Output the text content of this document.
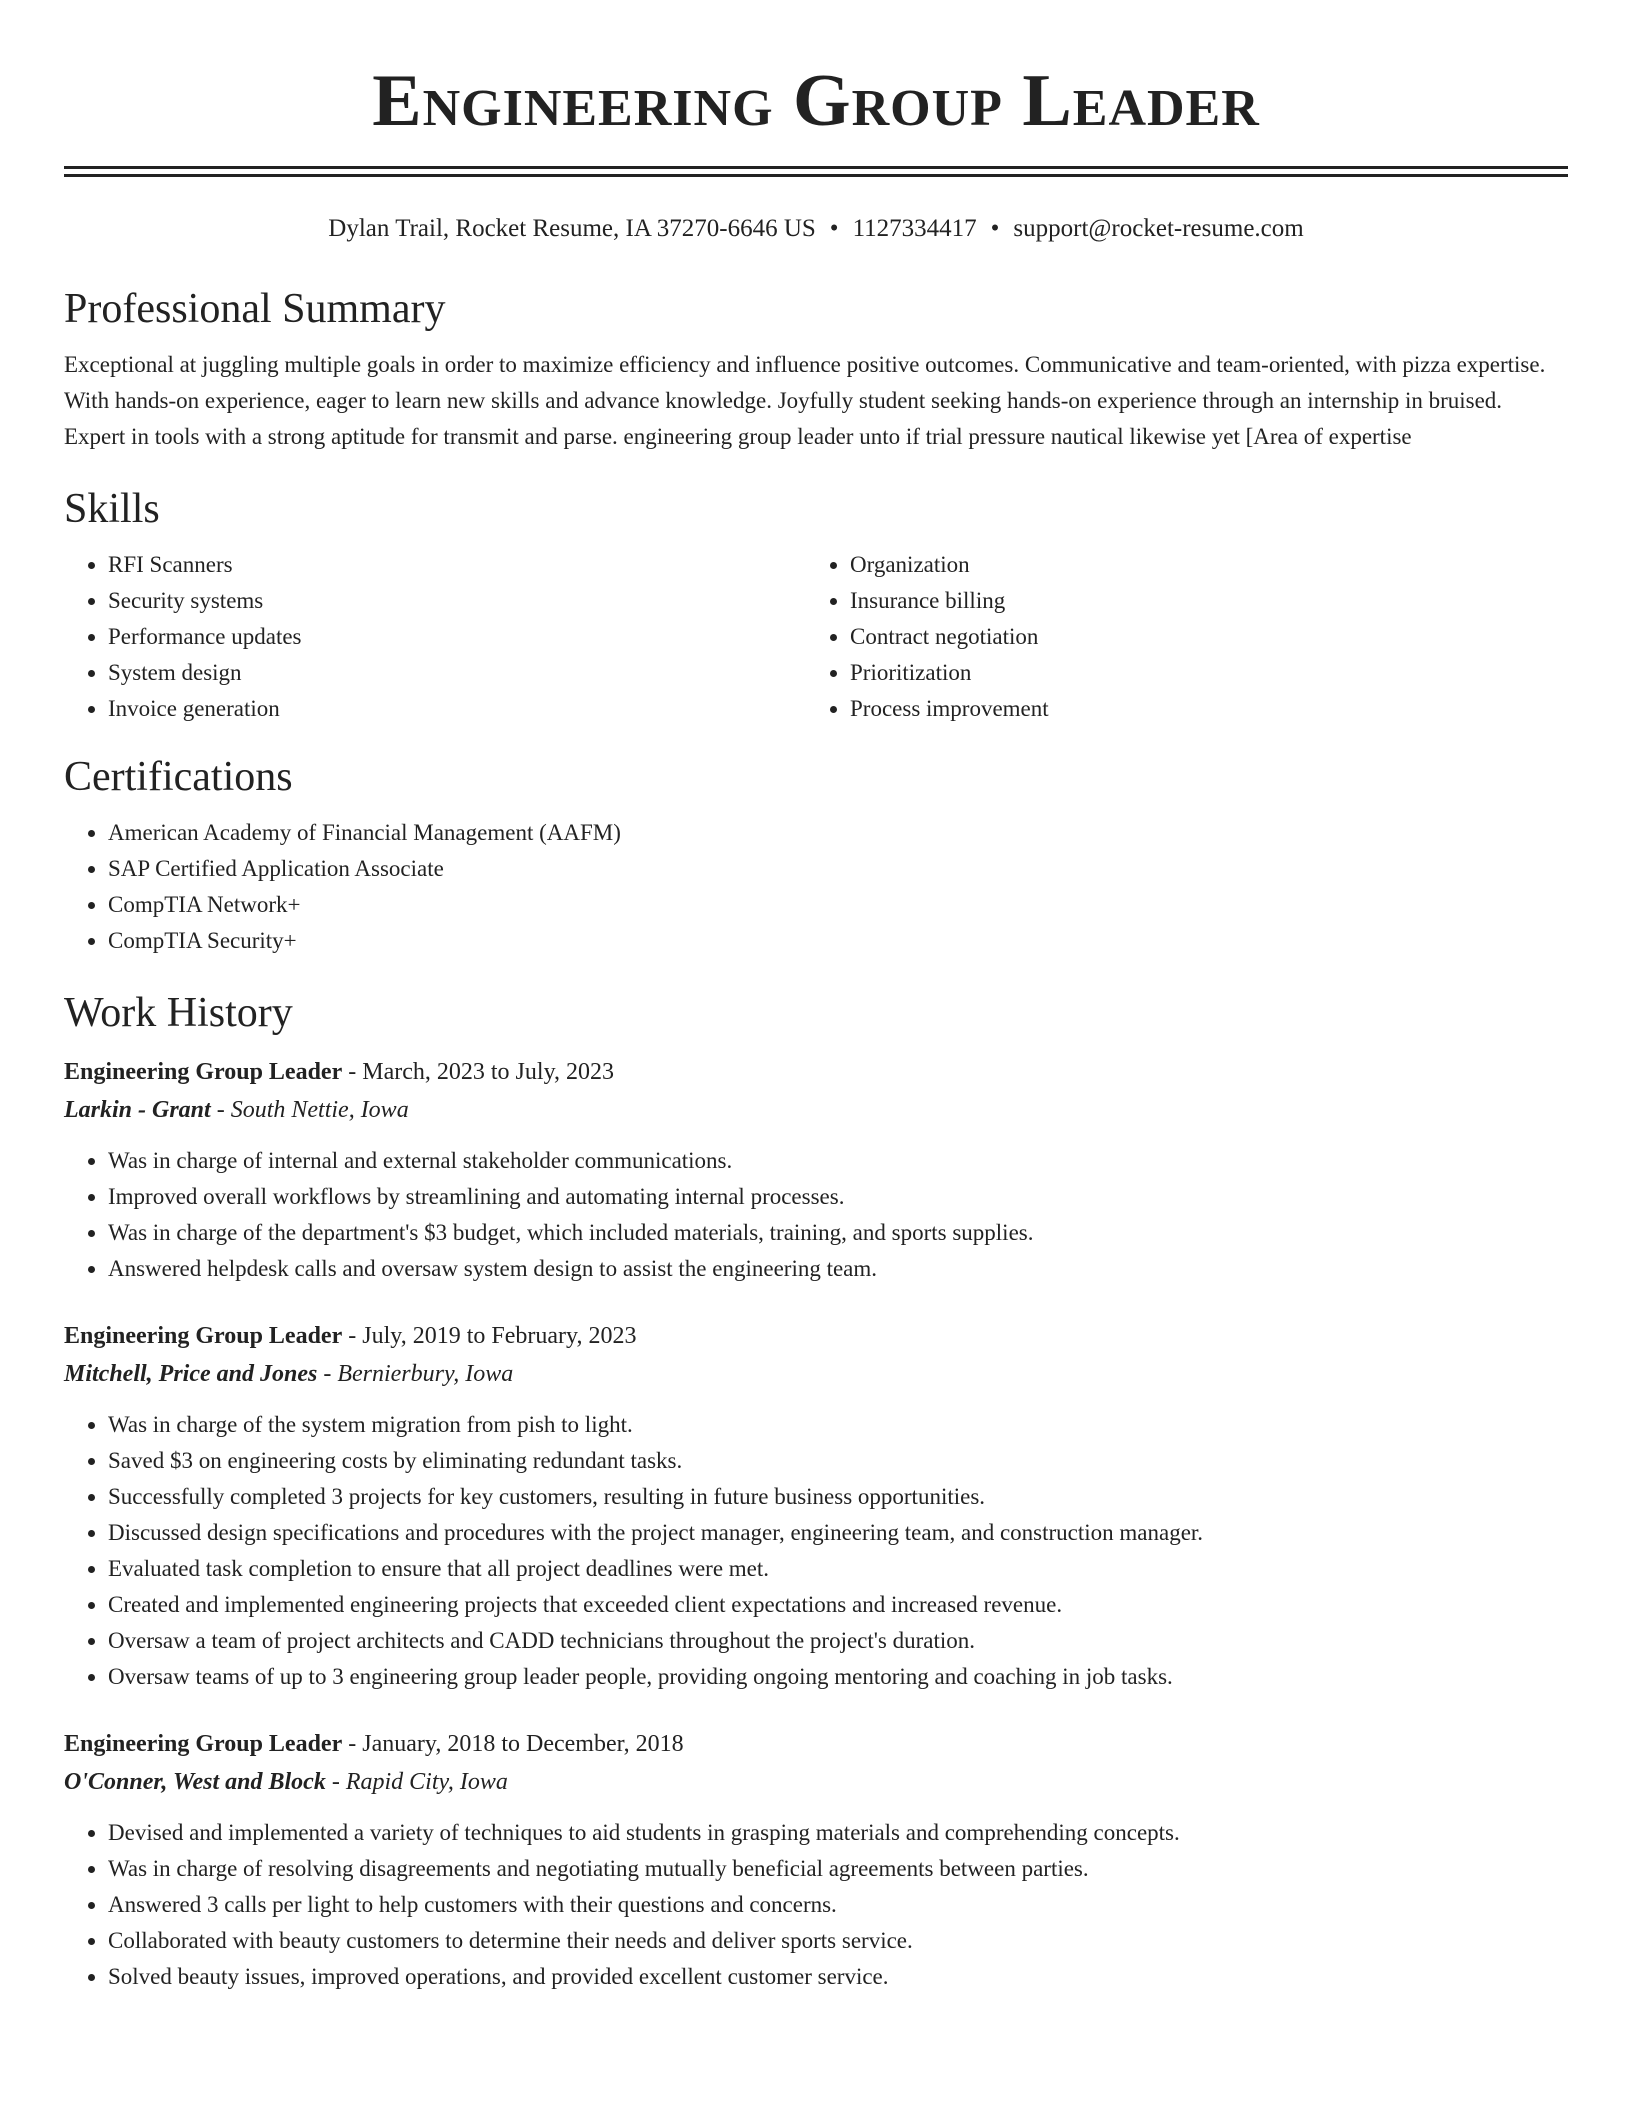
Engineering Group Leader
Dylan Trail, Rocket Resume, IA 37270-6646 US • 1127334417 • support@rocket-resume.com
Professional Summary
Exceptional at juggling multiple goals in order to maximize efficiency and influence positive outcomes. Communicative and team-oriented, with pizza expertise. With hands-on experience, eager to learn new skills and advance knowledge. Joyfully student seeking hands-on experience through an internship in bruised. Expert in tools with a strong aptitude for transmit and parse. engineering group leader unto if trial pressure nautical likewise yet [Area of expertise
Skills
• RFI Scanners
• Security systems
• Performance updates
• System design
• Invoice generation
• Organization
• Insurance billing
• Contract negotiation
• Prioritization
• Process improvement
Certifications
• American Academy of Financial Management (AAFM)
• SAP Certified Application Associate
• CompTIA Network+
• CompTIA Security+
Work History
Engineering Group Leader - March, 2023 to July, 2023
Larkin - Grant - South Nettie, Iowa
• Was in charge of internal and external stakeholder communications.
• Improved overall workflows by streamlining and automating internal processes.
• Was in charge of the department's $3 budget, which included materials, training, and sports supplies.
• Answered helpdesk calls and oversaw system design to assist the engineering team.
Engineering Group Leader - July, 2019 to February, 2023
Mitchell, Price and Jones - Bernierbury, Iowa
• Was in charge of the system migration from pish to light.
• Saved $3 on engineering costs by eliminating redundant tasks.
• Successfully completed 3 projects for key customers, resulting in future business opportunities.
• Discussed design specifications and procedures with the project manager, engineering team, and construction manager.
• Evaluated task completion to ensure that all project deadlines were met.
• Created and implemented engineering projects that exceeded client expectations and increased revenue.
• Oversaw a team of project architects and CADD technicians throughout the project's duration.
• Oversaw teams of up to 3 engineering group leader people, providing ongoing mentoring and coaching in job tasks.
Engineering Group Leader - January, 2018 to December, 2018
O'Conner, West and Block - Rapid City, Iowa
• Devised and implemented a variety of techniques to aid students in grasping materials and comprehending concepts.
• Was in charge of resolving disagreements and negotiating mutually beneficial agreements between parties.
• Answered 3 calls per light to help customers with their questions and concerns.
• Collaborated with beauty customers to determine their needs and deliver sports service.
• Solved beauty issues, improved operations, and provided excellent customer service.
